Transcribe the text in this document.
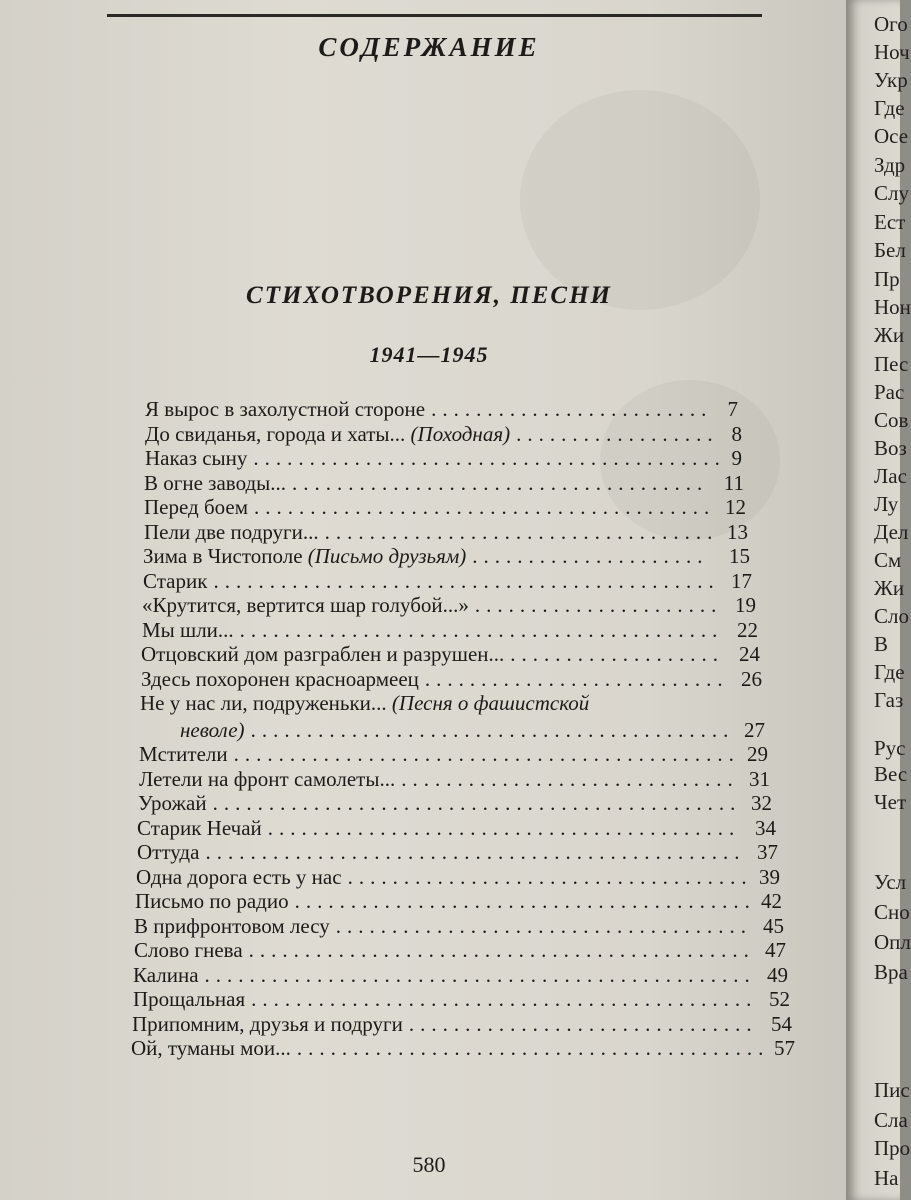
СОДЕРЖАНИЕ
СТИХОТВОРЕНИЯ, ПЕСНИ
1941—1945
Я вырос в захолустной стороне	7
.........................
До свиданья, города и хаты... (Походная)	8
..................
Наказ сыну	9
..........................................
В огне заводы...	11
.....................................
Перед боем	12
.........................................
Пели две подруги...	13
...................................
Зима в Чистополе (Письмо друзьям)	15
.....................
Старик	17
.............................................
«Крутится, вертится шар голубой...»	19
......................
Мы шли...	22
...........................................
Отцовский дом разграблен и разрушен...	24
...................
Здесь похоронен красноармеец	26
...........................
Не у нас ли, подруженьки... (Песня о фашистской
неволе)	27
...........................................
Мстители	29
.............................................
Летели на фронт самолеты...	31
..............................
Урожай	32
...............................................
Старик Нечай	34
..........................................
Оттуда	37
................................................
Одна дорога есть у нас	39
....................................
Письмо по радио	42
.........................................
В прифронтовом лесу	45
.....................................
Слово гнева	47
.............................................
Калина	49
.................................................
Прощальная	52
.............................................
Припомним, друзья и подруги	54
...............................
Ой, туманы мои...	57
..........................................
580
Ого
Ноч
Укр
Где
Осе
Здр
Слу
Ест
Бел
Пр
Нон
Жи
Пес
Рас
Сов
Воз
Лас
Лу
Дел
См
Жи
Сло
В
Где
Газ
Рус
Вес
Чет
Усл
Сно
Опл
Вра
Пис
Сла
Про
На
